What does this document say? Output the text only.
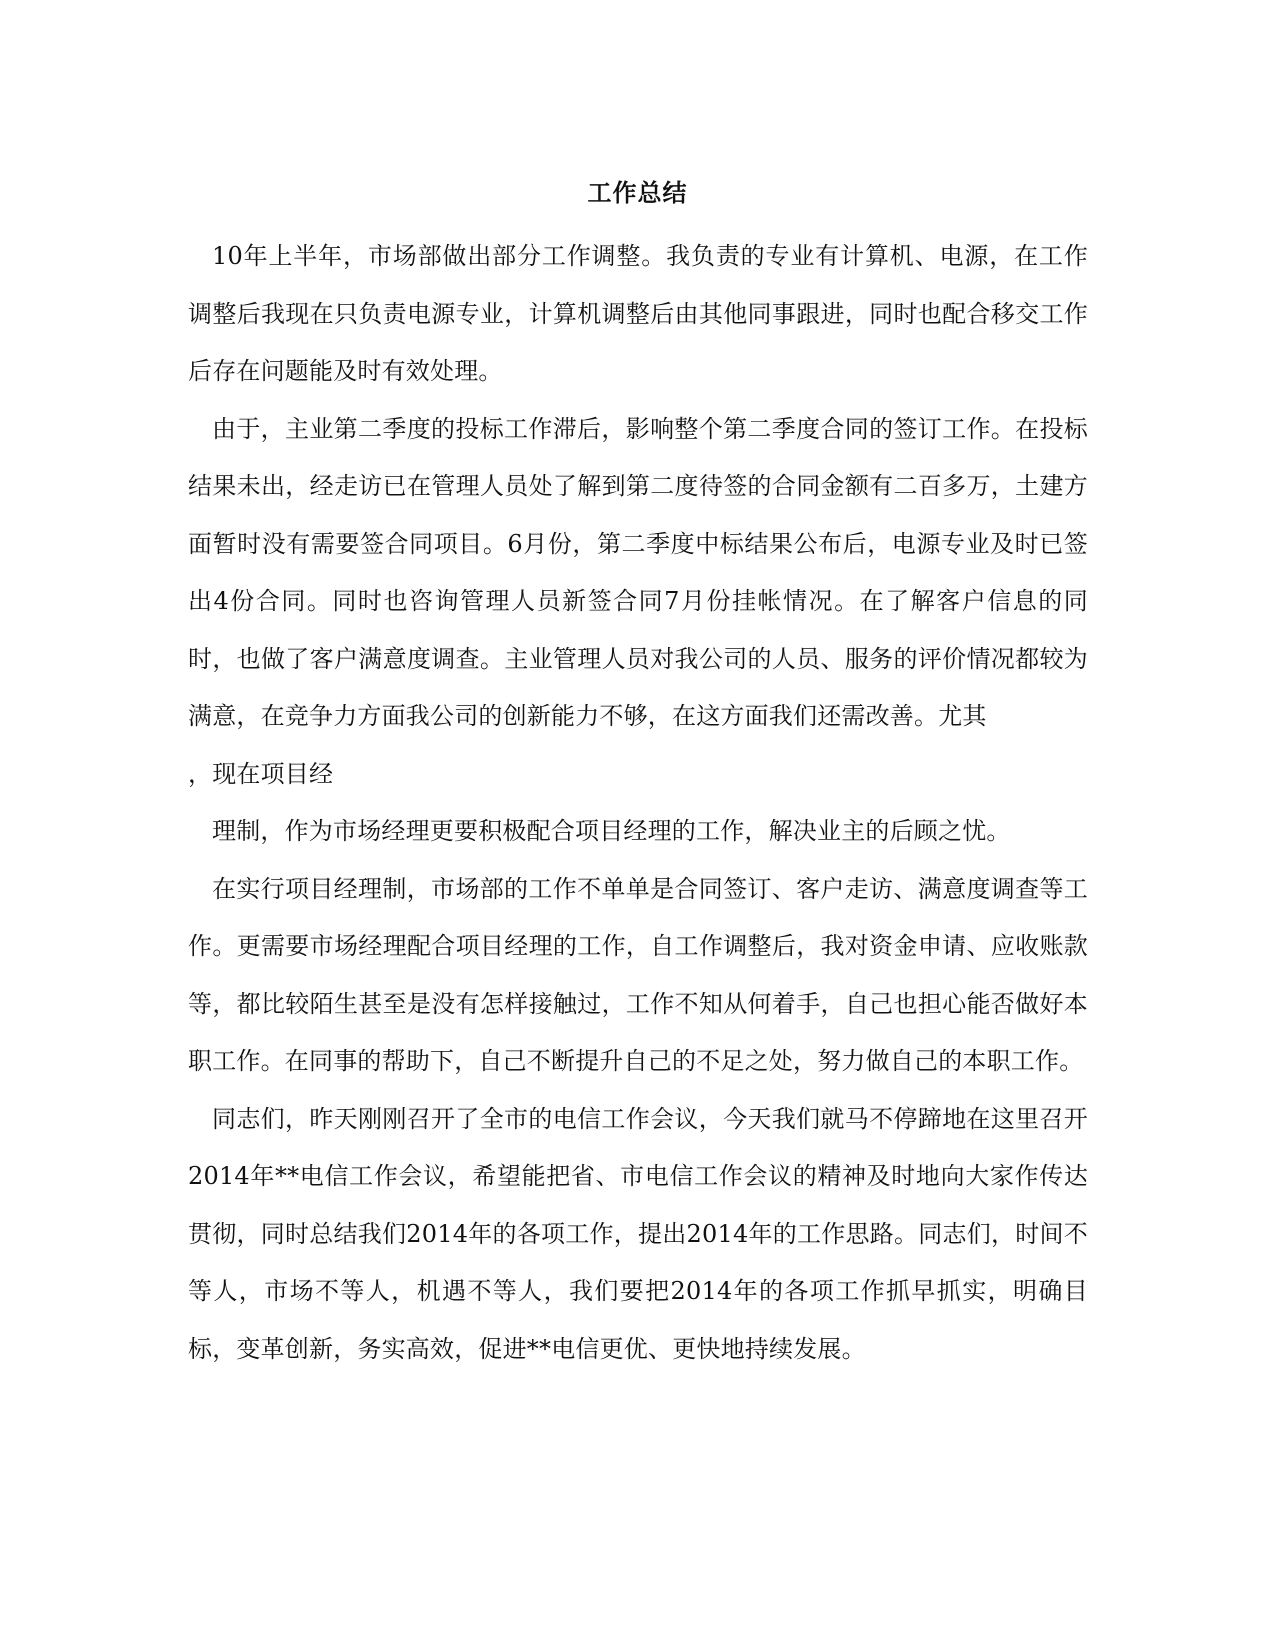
工作总结

10年上半年，市场部做出部分工作调整。我负责的专业有计算机、电源，在工作调整后我现在只负责电源专业，计算机调整后由其他同事跟进，同时也配合移交工作后存在问题能及时有效处理。

由于，主业第二季度的投标工作滞后，影响整个第二季度合同的签订工作。在投标结果未出，经走访已在管理人员处了解到第二度待签的合同金额有二百多万，土建方面暂时没有需要签合同项目。6月份，第二季度中标结果公布后，电源专业及时已签出4份合同。同时也咨询管理人员新签合同7月份挂帐情况。在了解客户信息的同时，也做了客户满意度调查。主业管理人员对我公司的人员、服务的评价情况都较为满意，在竞争力方面我公司的创新能力不够，在这方面我们还需改善。尤其

，现在项目经

理制，作为市场经理更要积极配合项目经理的工作，解决业主的后顾之忧。

在实行项目经理制，市场部的工作不单单是合同签订、客户走访、满意度调查等工作。更需要市场经理配合项目经理的工作，自工作调整后，我对资金申请、应收账款等，都比较陌生甚至是没有怎样接触过，工作不知从何着手，自己也担心能否做好本职工作。在同事的帮助下，自己不断提升自己的不足之处，努力做自己的本职工作。

同志们，昨天刚刚召开了全市的电信工作会议，今天我们就马不停蹄地在这里召开2014年**电信工作会议，希望能把省、市电信工作会议的精神及时地向大家作传达贯彻，同时总结我们2014年的各项工作，提出2014年的工作思路。同志们，时间不等人，市场不等人，机遇不等人，我们要把2014年的各项工作抓早抓实，明确目标，变革创新，务实高效，促进**电信更优、更快地持续发展。
